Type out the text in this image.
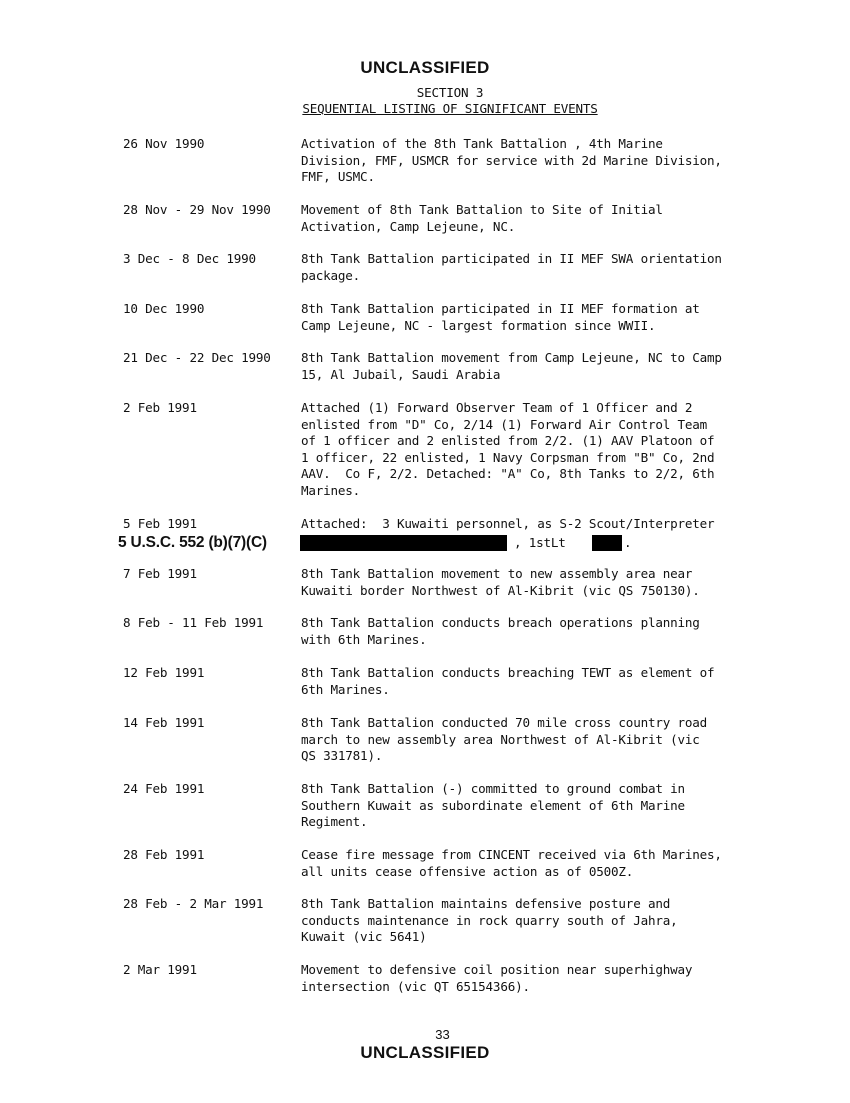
UNCLASSIFIED
SECTION 3
SEQUENTIAL LISTING OF SIGNIFICANT EVENTS
26 Nov 1990	Activation of the 8th Tank Battalion , 4th Marine
Division, FMF, USMCR for service with 2d Marine Division,
FMF, USMC.
28 Nov - 29 Nov 1990 Movement of 8th Tank Battalion to Site of Initial
Activation, Camp Lejeune, NC.
3 Dec - 8 Dec 1990	8th Tank Battalion participated in II MEF SWA orientation
package.
10 Dec 1990	8th Tank Battalion participated in II MEF formation at
Camp Lejeune, NC - largest formation since WWII.
21 Dec - 22 Dec 1990 8th Tank Battalion movement from Camp Lejeune, NC to Camp
15, Al Jubail, Saudi Arabia
2 Feb 1991	Attached (1) Forward Observer Team of 1 Officer and 2
enlisted from "D" Co, 2/14 (1) Forward Air Control Team
of 1 officer and 2 enlisted from 2/2. (1) AAV Platoon of
1 officer, 22 enlisted, 1 Navy Corpsman from "B" Co, 2nd
AAV.  Co F, 2/2. Detached: "A" Co, 8th Tanks to 2/2, 6th
Marines.
5 Feb 1991	Attached:  3 Kuwaiti personnel, as S-2 Scout/Interpreter
5 U.S.C. 552 (b)(7)(C)	, 1stLt	.
7 Feb 1991	8th Tank Battalion movement to new assembly area near
Kuwaiti border Northwest of Al-Kibrit (vic QS 750130).
8 Feb - 11 Feb 1991	8th Tank Battalion conducts breach operations planning
with 6th Marines.
12 Feb 1991	8th Tank Battalion conducts breaching TEWT as element of
6th Marines.
14 Feb 1991	8th Tank Battalion conducted 70 mile cross country road
march to new assembly area Northwest of Al-Kibrit (vic
QS 331781).
24 Feb 1991	8th Tank Battalion (-) committed to ground combat in
Southern Kuwait as subordinate element of 6th Marine
Regiment.
28 Feb 1991	Cease fire message from CINCENT received via 6th Marines,
all units cease offensive action as of 0500Z.
28 Feb - 2 Mar 1991	8th Tank Battalion maintains defensive posture and
conducts maintenance in rock quarry south of Jahra,
Kuwait (vic 5641)
2 Mar 1991	Movement to defensive coil position near superhighway
intersection (vic QT 65154366).
33
UNCLASSIFIED
